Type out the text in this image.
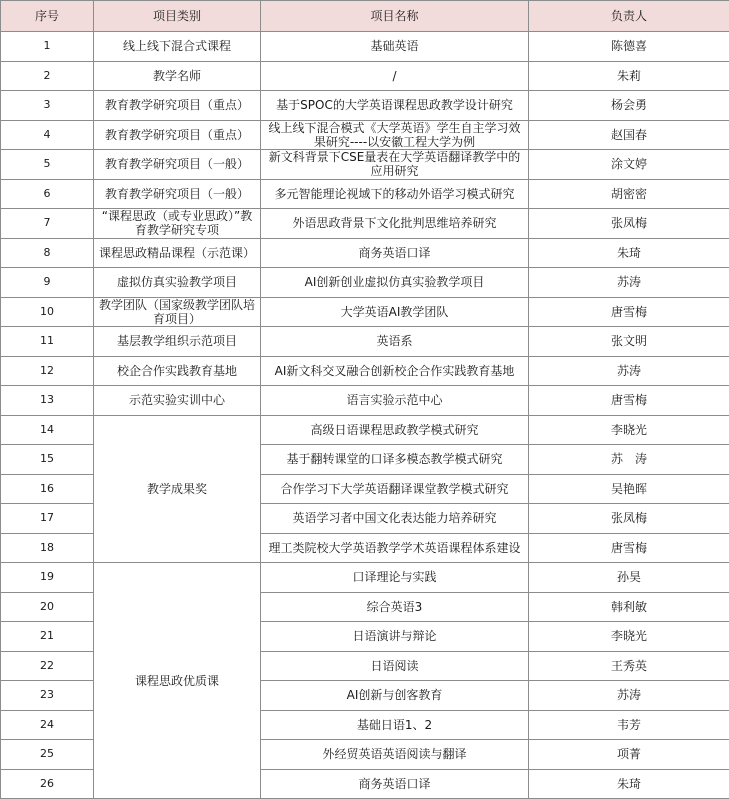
序号	项目类别	项目名称	负责人
1	线上线下混合式课程	基础英语	陈德喜
2	教学名师	/	朱莉
3	教育教学研究项目（重点）	基于SPOC的大学英语课程思政教学设计研究	杨会勇
4	教育教学研究项目（重点）	线上线下混合模式《大学英语》学生自主学习效果研究----以安徽工程大学为例	赵国春
5	教育教学研究项目（一般）	新文科背景下CSE量表在大学英语翻译教学中的应用研究	涂文婷
6	教育教学研究项目（一般）	多元智能理论视域下的移动外语学习模式研究	胡密密
7	“课程思政（或专业思政）”教育教学研究专项	外语思政背景下文化批判思维培养研究	张凤梅
8	课程思政精品课程（示范课）	商务英语口译	朱琦
9	虚拟仿真实验教学项目	AI创新创业虚拟仿真实验教学项目	苏涛
10	教学团队（国家级教学团队培育项目）	大学英语AI教学团队	唐雪梅
11	基层教学组织示范项目	英语系	张文明
12	校企合作实践教育基地	AI新文科交叉融合创新校企合作实践教育基地	苏涛
13	示范实验实训中心	语言实验示范中心	唐雪梅
14	教学成果奖	高级日语课程思政教学模式研究	李晓光
15		基于翻转课堂的口译多模态教学模式研究	苏　涛
16		合作学习下大学英语翻译课堂教学模式研究	吴艳晖
17		英语学习者中国文化表达能力培养研究	张凤梅
18		理工类院校大学英语教学学术英语课程体系建设	唐雪梅
19	课程思政优质课	口译理论与实践	孙昊
20		综合英语3	韩利敏
21		日语演讲与辩论	李晓光
22		日语阅读	王秀英
23		AI创新与创客教育	苏涛
24		基础日语1、2	韦芳
25		外经贸英语英语阅读与翻译	项菁
26		商务英语口译	朱琦
